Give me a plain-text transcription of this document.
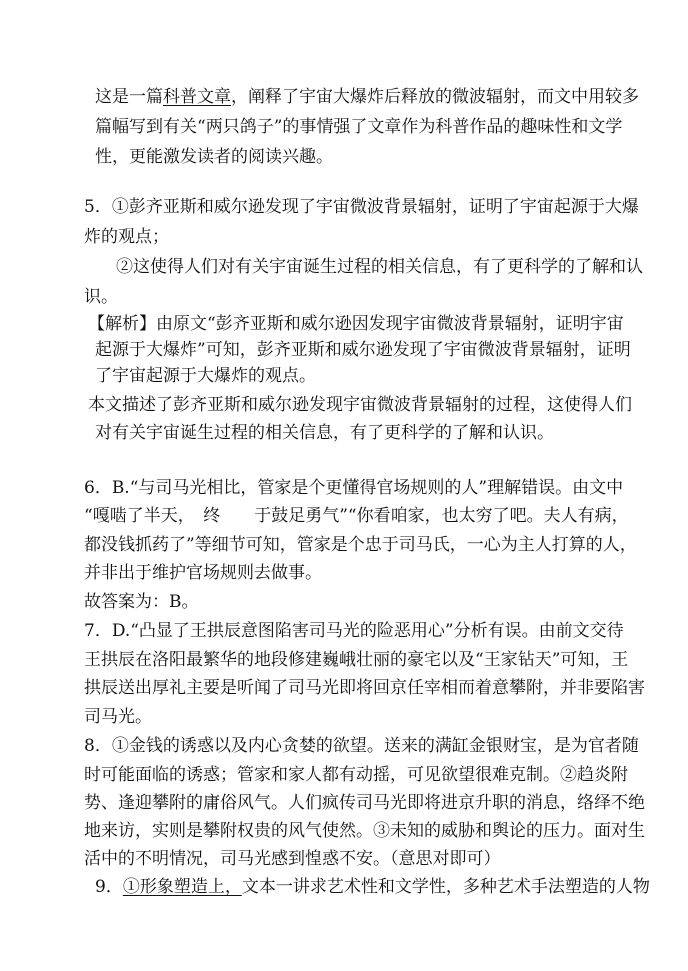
这是一篇科普文章，阐释了宇宙大爆炸后释放的微波辐射，而文中用较多
篇幅写到有关“两只鸽子”的事情强了文章作为科普作品的趣味性和文学
性，更能激发读者的阅读兴趣。
5．①彭齐亚斯和威尔逊发现了宇宙微波背景辐射，证明了宇宙起源于大爆
炸的观点；
②这使得人们对有关宇宙诞生过程的相关信息，有了更科学的了解和认
识。
【解析】由原文“彭齐亚斯和威尔逊因发现宇宙微波背景辐射，证明宇宙
起源于大爆炸”可知，彭齐亚斯和威尔逊发现了宇宙微波背景辐射，证明
了宇宙起源于大爆炸的观点。
本文描述了彭齐亚斯和威尔逊发现宇宙微波背景辐射的过程，这使得人们
对有关宇宙诞生过程的相关信息，有了更科学的了解和认识。
6．B.“与司马光相比，管家是个更懂得官场规则的人”理解错误。由文中
“嘎啮了半天，　终　　于鼓足勇气”“你看咱家，也太穷了吧。夫人有病，
都没钱抓药了”等细节可知，管家是个忠于司马氏，一心为主人打算的人，
并非出于维护官场规则去做事。
故答案为：B。
7．D.“凸显了王拱辰意图陷害司马光的险恶用心”分析有误。由前文交待
王拱辰在洛阳最繁华的地段修建巍峨壮丽的豪宅以及“王家钻天”可知，王
拱辰送出厚礼主要是听闻了司马光即将回京任宰相而着意攀附，并非要陷害
司马光。
8．①金钱的诱惑以及内心贪婪的欲望。送来的满缸金银财宝，是为官者随
时可能面临的诱惑；管家和家人都有动摇，可见欲望很难克制。②趋炎附
势、逢迎攀附的庸俗风气。人们疯传司马光即将进京升职的消息，络绎不绝
地来访，实则是攀附权贵的风气使然。③未知的威胁和舆论的压力。面对生
活中的不明情况，司马光感到惶惑不安。（意思对即可）
9．①形象塑造上，文本一讲求艺术性和文学性，多种艺术手法塑造的人物
